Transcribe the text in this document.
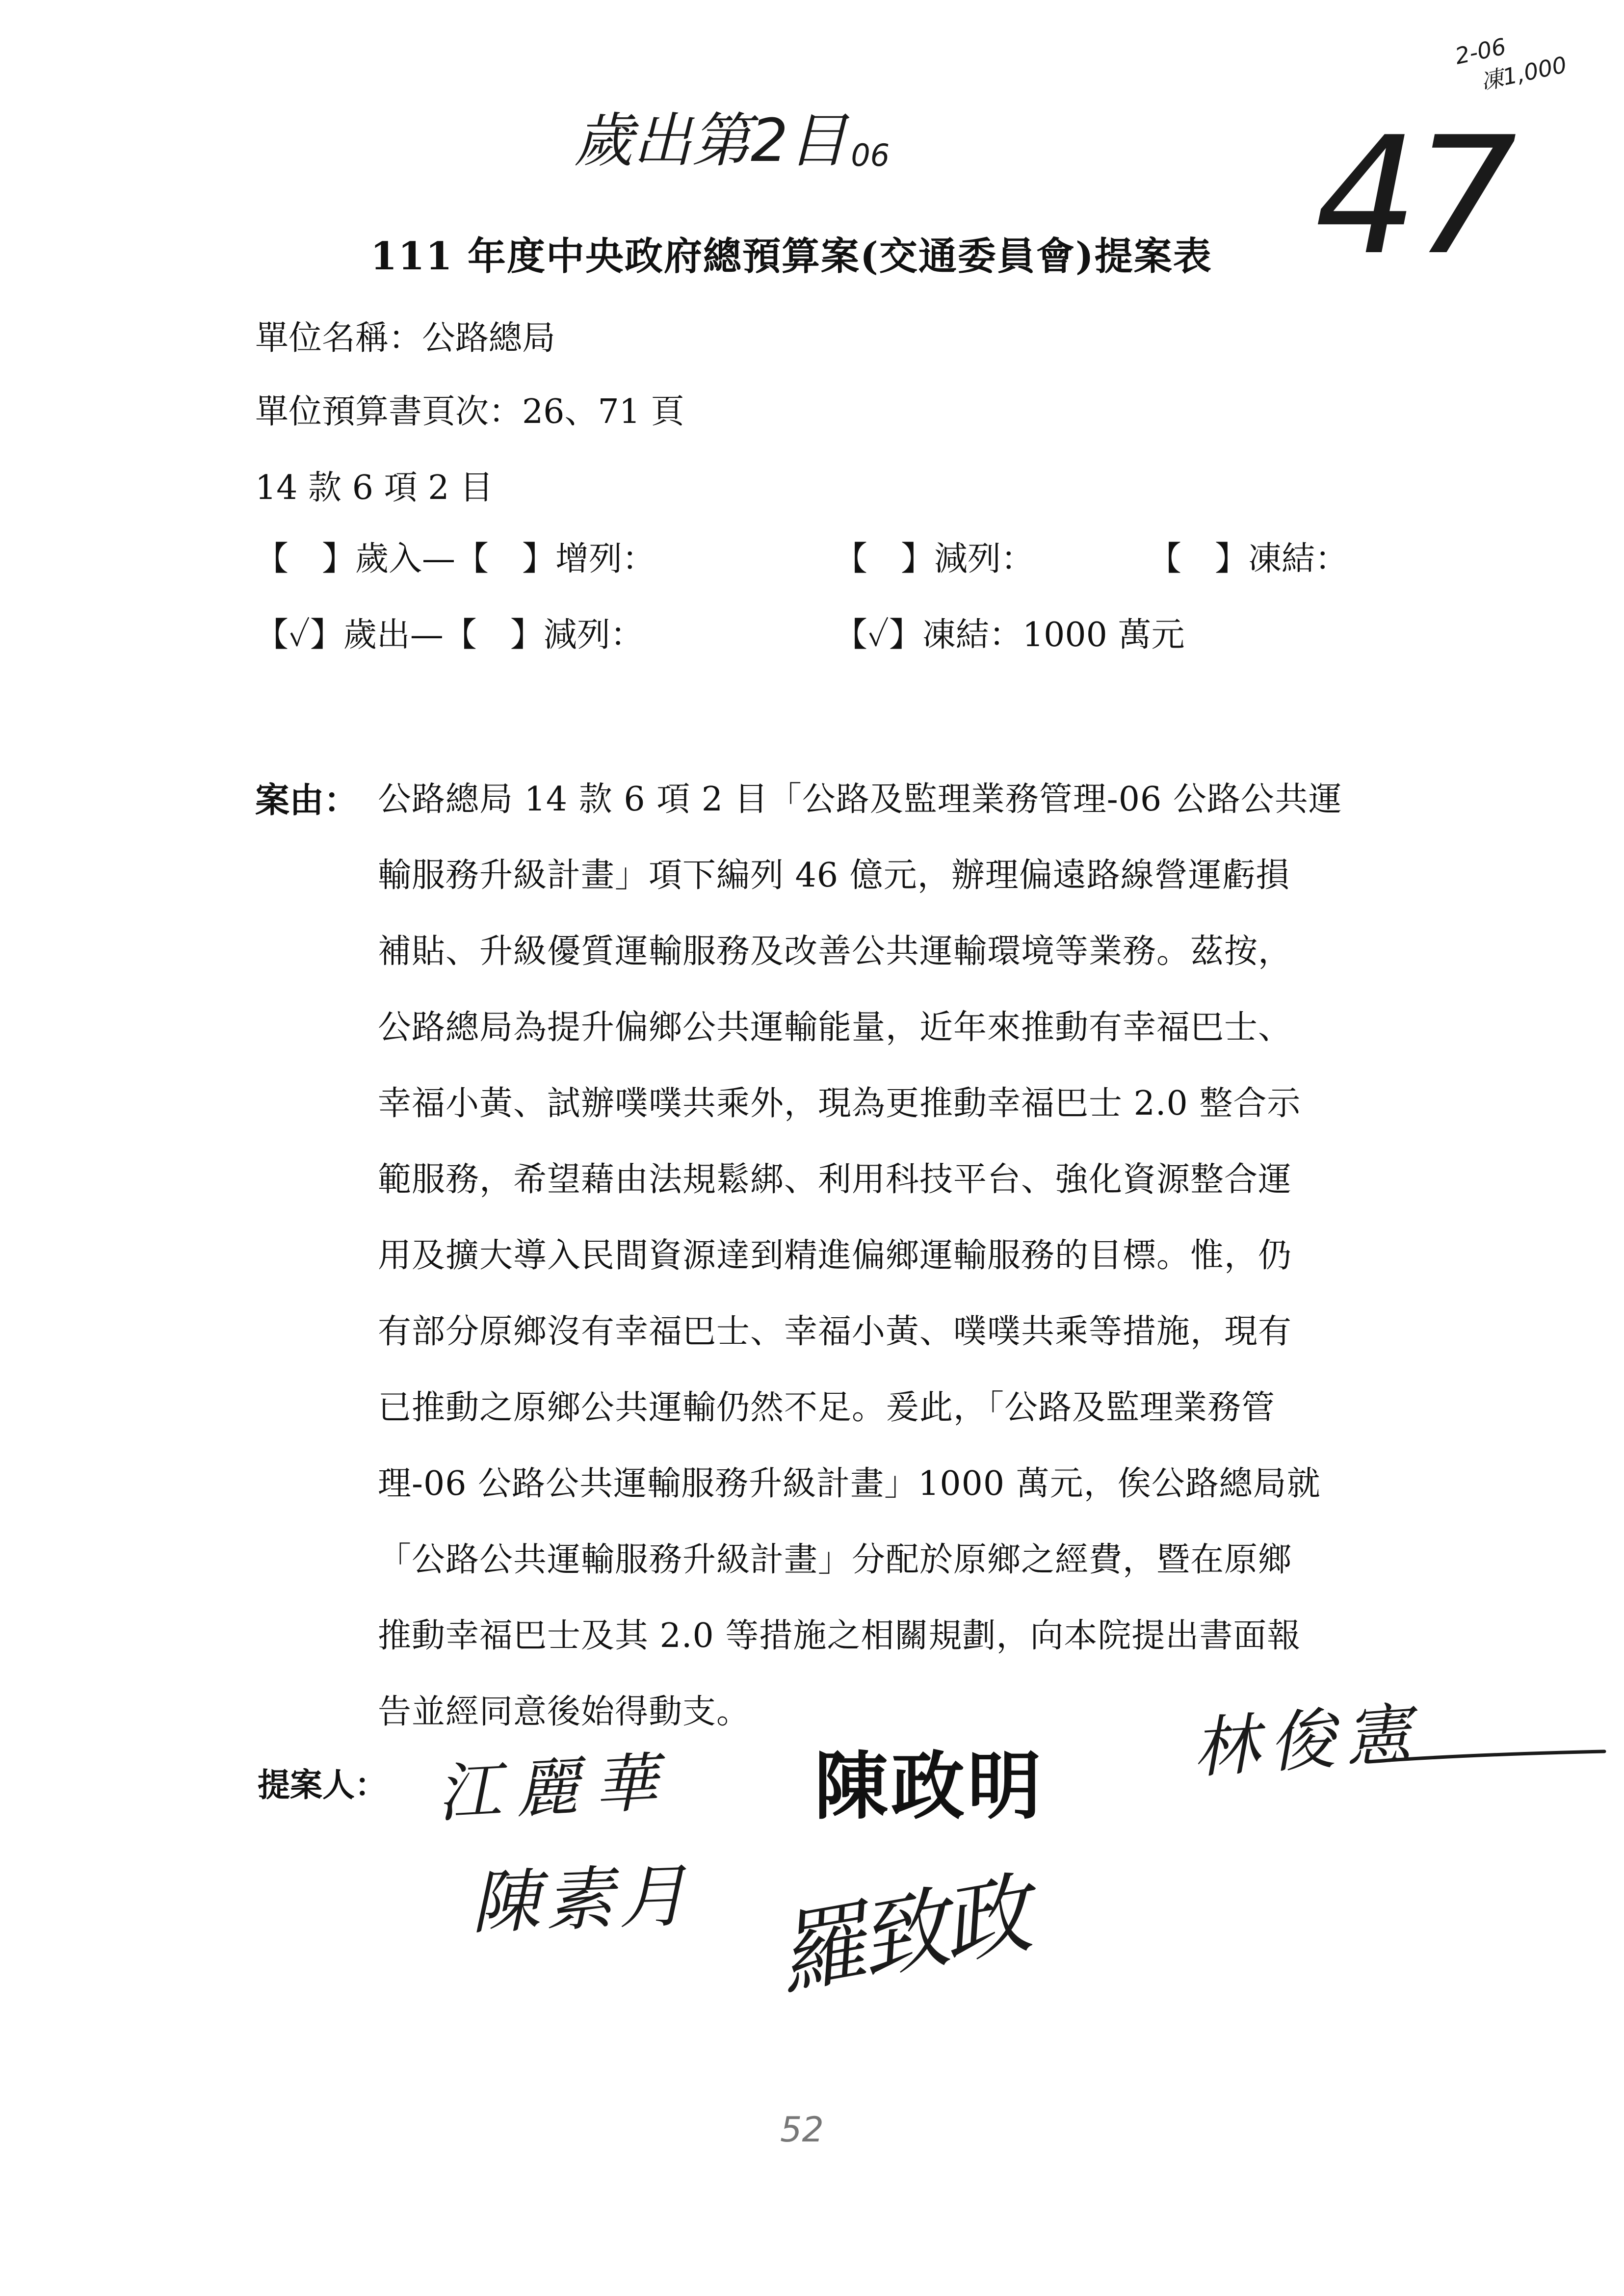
2-06
凍1,000
47
歲出第2目 06
111 年度中央政府總預算案(交通委員會)提案表
單位名稱：公路總局
單位預算書頁次：26、71 頁
14 款 6 項 2 目
【　】歲入—【　】增列：	【　】減列：	【　】凍結：
【✓】歲出—【　】減列：	【✓】凍結：1000 萬元
案由： 公路總局 14 款 6 項 2 目「公路及監理業務管理-06 公路公共運
輸服務升級計畫」項下編列 46 億元，辦理偏遠路線營運虧損
補貼、升級優質運輸服務及改善公共運輸環境等業務。茲按，
公路總局為提升偏鄉公共運輸能量，近年來推動有幸福巴士、
幸福小黃、試辦噗噗共乘外，現為更推動幸福巴士 2.0 整合示
範服務，希望藉由法規鬆綁、利用科技平台、強化資源整合運
用及擴大導入民間資源達到精進偏鄉運輸服務的目標。惟，仍
有部分原鄉沒有幸福巴士、幸福小黃、噗噗共乘等措施，現有
已推動之原鄉公共運輸仍然不足。爰此，「公路及監理業務管
理-06 公路公共運輸服務升級計畫」1000 萬元，俟公路總局就
「公路公共運輸服務升級計畫」分配於原鄉之經費，暨在原鄉
推動幸福巴士及其 2.0 等措施之相關規劃，向本院提出書面報
告並經同意後始得動支。
提案人： 江麗華 陳政明 林俊憲
陳素月 羅致政
52
